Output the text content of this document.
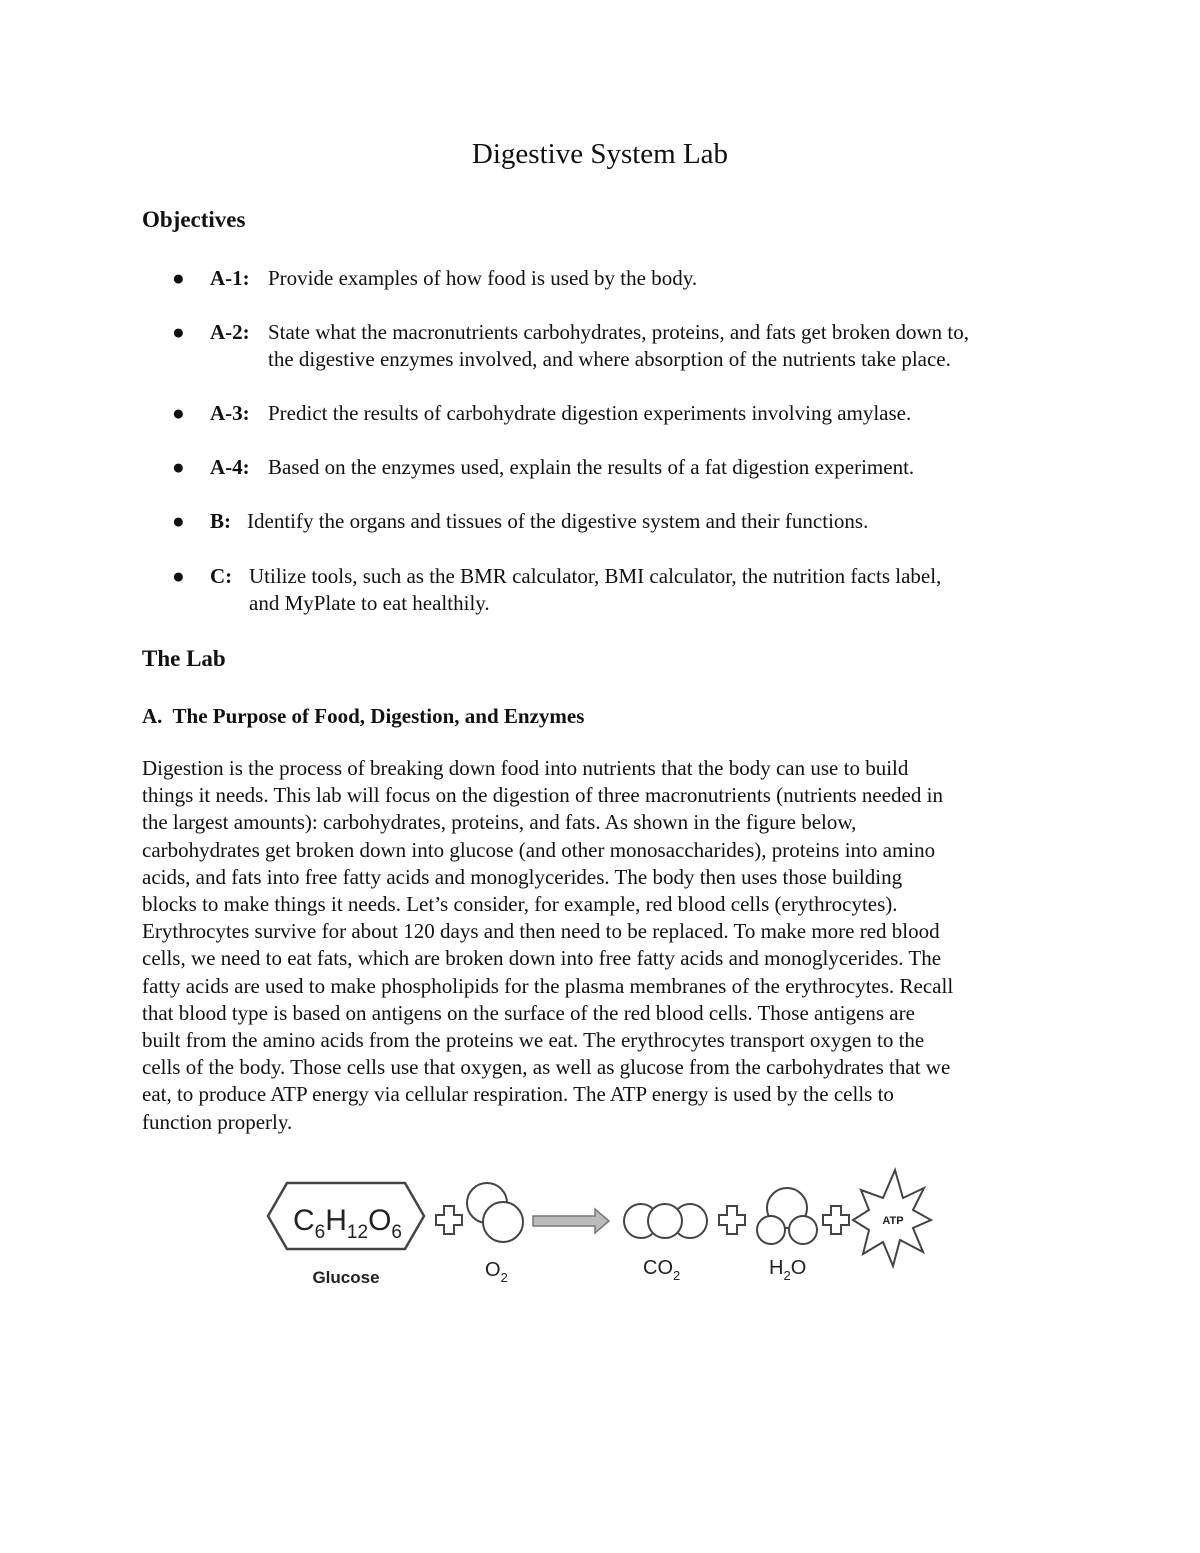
Digestive System Lab
Objectives
● A-1: Provide examples of how food is used by the body.
● A-2: State what the macronutrients carbohydrates, proteins, and fats get broken down to,
the digestive enzymes involved, and where absorption of the nutrients take place.
● A-3: Predict the results of carbohydrate digestion experiments involving amylase.
● A-4: Based on the enzymes used, explain the results of a fat digestion experiment.
● B: Identify the organs and tissues of the digestive system and their functions.
● C: Utilize tools, such as the BMR calculator, BMI calculator, the nutrition facts label,
and MyPlate to eat healthily.
The Lab
A.  The Purpose of Food, Digestion, and Enzymes

Digestion is the process of breaking down food into nutrients that the body can use to build
things it needs. This lab will focus on the digestion of three macronutrients (nutrients needed in
the largest amounts): carbohydrates, proteins, and fats. As shown in the figure below,
carbohydrates get broken down into glucose (and other monosaccharides), proteins into amino
acids, and fats into free fatty acids and monoglycerides. The body then uses those building
blocks to make things it needs. Let’s consider, for example, red blood cells (erythrocytes).
Erythrocytes survive for about 120 days and then need to be replaced. To make more red blood
cells, we need to eat fats, which are broken down into free fatty acids and monoglycerides. The
fatty acids are used to make phospholipids for the plasma membranes of the erythrocytes. Recall
that blood type is based on antigens on the surface of the red blood cells. Those antigens are
built from the amino acids from the proteins we eat. The erythrocytes transport oxygen to the
cells of the body. Those cells use that oxygen, as well as glucose from the carbohydrates that we
eat, to produce ATP energy via cellular respiration. The ATP energy is used by the cells to
function properly.

$C_6H_{12}O_6$
Glucose	$O_2$	$CO_2$	$H_2O$
ATP
